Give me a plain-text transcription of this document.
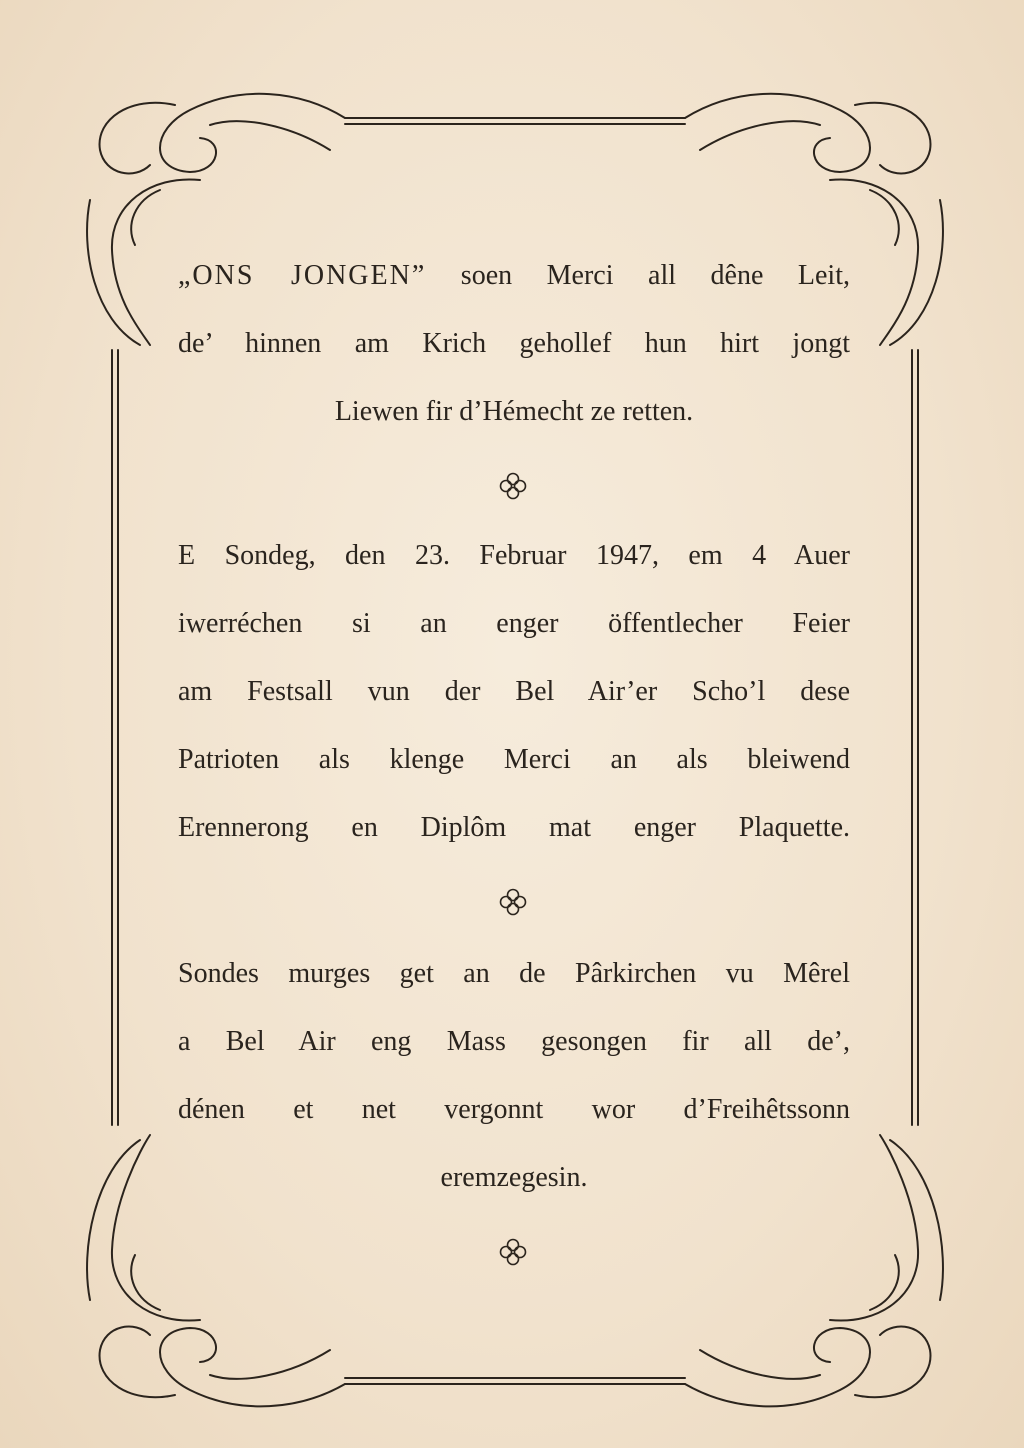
„ONS JONGEN” soen Merci all dêne Leit,
de’ hinnen am Krich gehollef hun hirt jongt
Liewen fir d’Hémecht ze retten.
E Sondeg, den 23. Februar 1947, em 4 Auer
iwerréchen si an enger öffentlecher Feier
am Festsall vun der Bel Air’er Scho’l dese
Patrioten als klenge Merci an als bleiwend
Erennerong en Diplôm mat enger Plaquette.
Sondes murges get an de Pârkirchen vu Mêrel
a Bel Air eng Mass gesongen fir all de’,
dénen et net vergonnt wor d’Freihêtssonn
eremzegesin.
